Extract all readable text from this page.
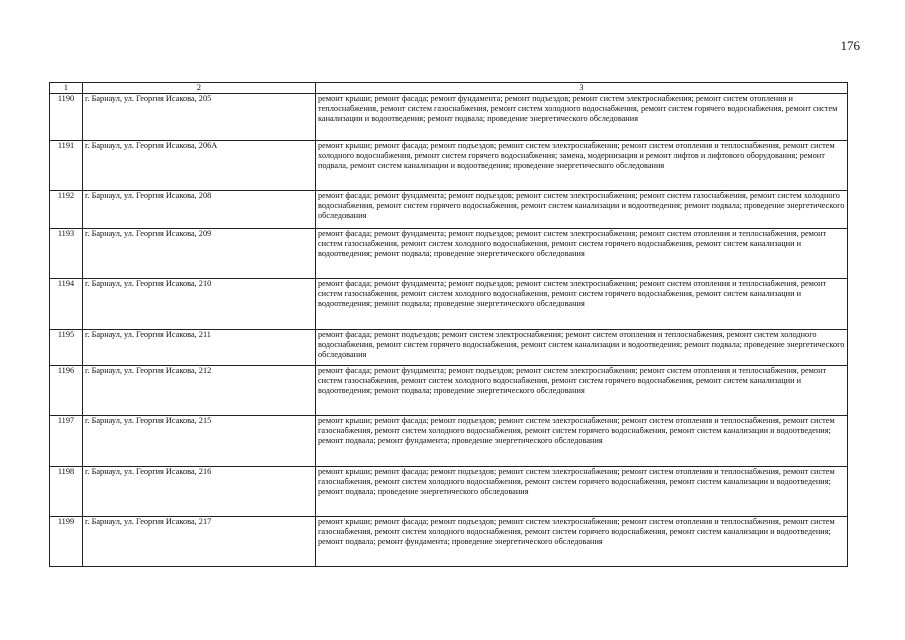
176
1	2	3
1190	г. Барнаул, ул. Георгия Исакова, 205	ремонт крыши; ремонт фасада; ремонт фундамента; ремонт подъездов; ремонт систем электроснабжения; ремонт систем отопления и теплоснабжения, ремонт систем газоснабжения, ремонт систем холодного водоснабжения, ремонт систем горячего водоснабжения, ремонт систем канализации и водоотведения; ремонт подвала; проведение энергетического обследования
1191	г. Барнаул, ул. Георгия Исакова, 206А	ремонт крыши; ремонт фасада; ремонт подъездов; ремонт систем электроснабжения; ремонт систем отопления и теплоснабжения, ремонт систем холодного водоснабжения, ремонт систем горячего водоснабжения; замена, модернизация и ремонт лифтов и лифтового оборудования; ремонт подвала, ремонт систем канализации и водоотведения; проведение энергетического обследования
1192	г. Барнаул, ул. Георгия Исакова, 208	ремонт фасада; ремонт фундамента; ремонт подъездов; ремонт систем электроснабжения; ремонт систем газоснабжения, ремонт систем холодного водоснабжения, ремонт систем горячего водоснабжения, ремонт систем канализации и водоотведения; ремонт подвала; проведение энергетического обследования
1193	г. Барнаул, ул. Георгия Исакова, 209	ремонт фасада; ремонт фундамента; ремонт подъездов; ремонт систем электроснабжения; ремонт систем отопления и теплоснабжения, ремонт систем газоснабжения, ремонт систем холодного водоснабжения, ремонт систем горячего водоснабжения, ремонт систем канализации и водоотведения; ремонт подвала; проведение энергетического обследования
1194	г. Барнаул, ул. Георгия Исакова, 210	ремонт фасада; ремонт фундамента; ремонт подъездов; ремонт систем электроснабжения; ремонт систем отопления и теплоснабжения, ремонт систем газоснабжения, ремонт систем холодного водоснабжения, ремонт систем горячего водоснабжения, ремонт систем канализации и водоотведения; ремонт подвала; проведение энергетического обследования
1195	г. Барнаул, ул. Георгия Исакова, 211	ремонт фасада; ремонт подъездов; ремонт систем электроснабжения; ремонт систем отопления и теплоснабжения, ремонт систем холодного водоснабжения, ремонт систем горячего водоснабжения, ремонт систем канализации и водоотведения; ремонт подвала; проведение энергетического обследования
1196	г. Барнаул, ул. Георгия Исакова, 212	ремонт фасада; ремонт фундамента; ремонт подъездов; ремонт систем электроснабжения; ремонт систем отопления и теплоснабжения, ремонт систем газоснабжения, ремонт систем холодного водоснабжения, ремонт систем горячего водоснабжения, ремонт систем канализации и водоотведения; ремонт подвала; проведение энергетического обследования
1197	г. Барнаул, ул. Георгия Исакова, 215	ремонт крыши; ремонт фасада; ремонт подъездов; ремонт систем электроснабжения; ремонт систем отопления и теплоснабжения, ремонт систем газоснабжения, ремонт систем холодного водоснабжения, ремонт систем горячего водоснабжения, ремонт систем канализации и водоотведения; ремонт подвала; ремонт фундамента; проведение энергетического обследования
1198	г. Барнаул, ул. Георгия Исакова, 216	ремонт крыши; ремонт фасада; ремонт подъездов; ремонт систем электроснабжения; ремонт систем отопления и теплоснабжения, ремонт систем газоснабжения, ремонт систем холодного водоснабжения, ремонт систем горячего водоснабжения, ремонт систем канализации и водоотведения; ремонт подвала; проведение энергетического обследования
1199	г. Барнаул, ул. Георгия Исакова, 217	ремонт крыши; ремонт фасада; ремонт подъездов; ремонт систем электроснабжения; ремонт систем отопления и теплоснабжения, ремонт систем газоснабжения, ремонт систем холодного водоснабжения, ремонт систем горячего водоснабжения, ремонт систем канализации и водоотведения; ремонт подвала; ремонт фундамента; проведение энергетического обследования
